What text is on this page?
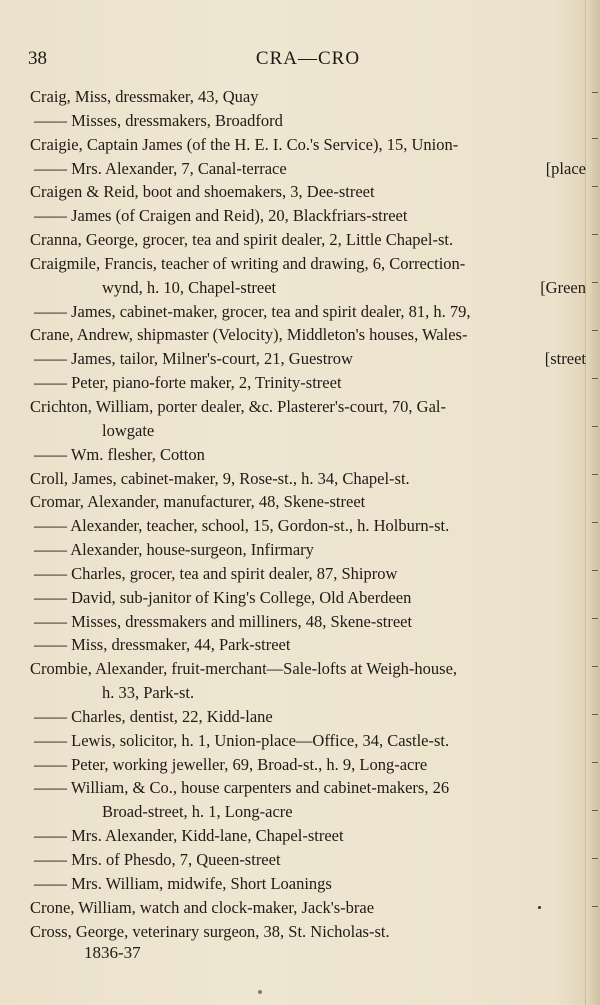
38	CRA—CRO
Craig, Miss, dressmaker, 43, Quay
—— Misses, dressmakers, Broadford
Craigie, Captain James (of the H. E. I. Co.'s Service), 15, Union-
—— Mrs. Alexander, 7, Canal-terrace	[place
Craigen & Reid, boot and shoemakers, 3, Dee-street
—— James (of Craigen and Reid), 20, Blackfriars-street
Cranna, George, grocer, tea and spirit dealer, 2, Little Chapel-st.
Craigmile, Francis, teacher of writing and drawing, 6, Correction-
wynd, h. 10, Chapel-street	[Green
—— James, cabinet-maker, grocer, tea and spirit dealer, 81, h. 79,
Crane, Andrew, shipmaster (Velocity), Middleton's houses, Wales-
—— James, tailor, Milner's-court, 21, Guestrow	[street
—— Peter, piano-forte maker, 2, Trinity-street
Crichton, William, porter dealer, &c. Plasterer's-court, 70, Gal-
lowgate
—— Wm. flesher, Cotton
Croll, James, cabinet-maker, 9, Rose-st., h. 34, Chapel-st.
Cromar, Alexander, manufacturer, 48, Skene-street
—— Alexander, teacher, school, 15, Gordon-st., h. Holburn-st.
—— Alexander, house-surgeon, Infirmary
—— Charles, grocer, tea and spirit dealer, 87, Shiprow
—— David, sub-janitor of King's College, Old Aberdeen
—— Misses, dressmakers and milliners, 48, Skene-street
—— Miss, dressmaker, 44, Park-street
Crombie, Alexander, fruit-merchant—Sale-lofts at Weigh-house,
h. 33, Park-st.
—— Charles, dentist, 22, Kidd-lane
—— Lewis, solicitor, h. 1, Union-place—Office, 34, Castle-st.
—— Peter, working jeweller, 69, Broad-st., h. 9, Long-acre
—— William, & Co., house carpenters and cabinet-makers, 26
Broad-street, h. 1, Long-acre
—— Mrs. Alexander, Kidd-lane, Chapel-street
—— Mrs. of Phesdo, 7, Queen-street
—— Mrs. William, midwife, Short Loanings
Crone, William, watch and clock-maker, Jack's-brae
Cross, George, veterinary surgeon, 38, St. Nicholas-st.
1836-37
